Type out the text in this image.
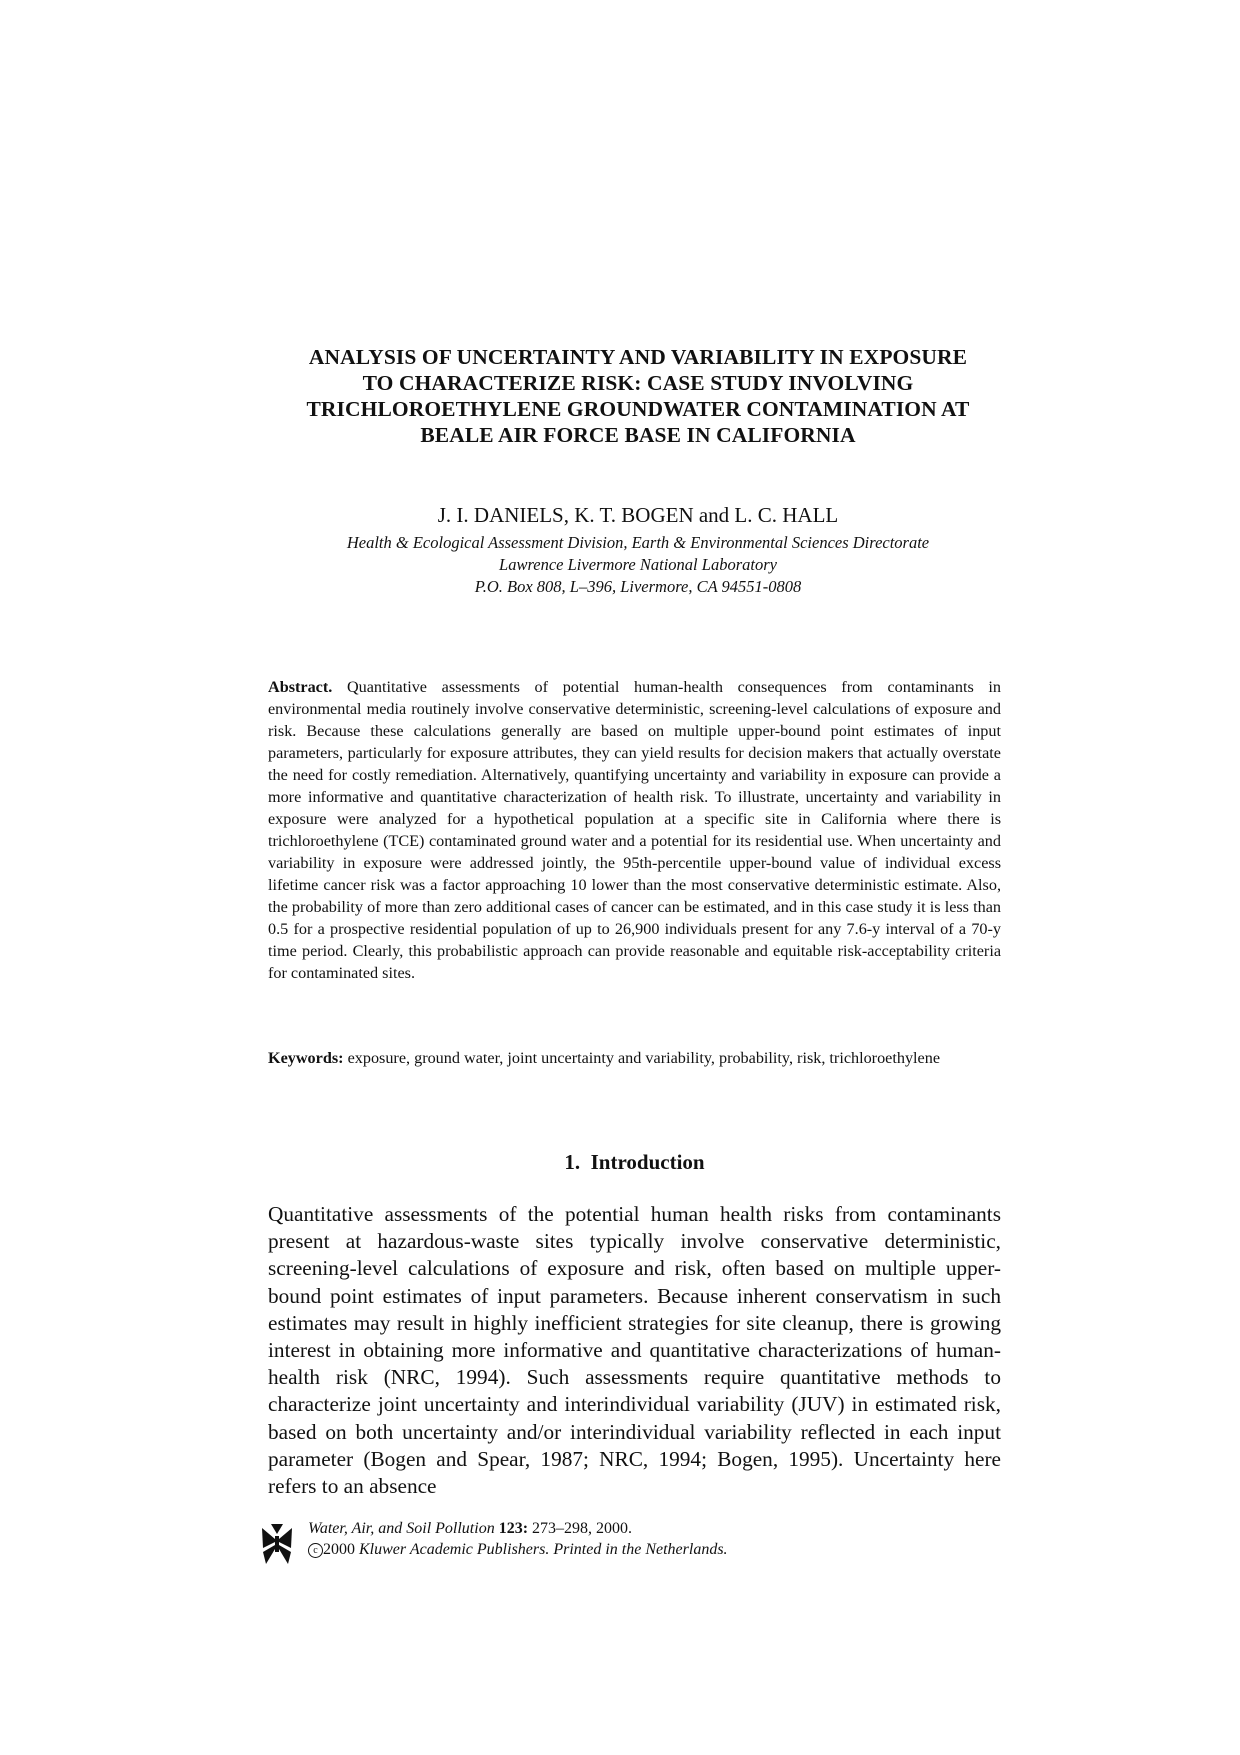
ANALYSIS OF UNCERTAINTY AND VARIABILITY IN EXPOSURE
TO CHARACTERIZE RISK: CASE STUDY INVOLVING
TRICHLOROETHYLENE GROUNDWATER CONTAMINATION AT
BEALE AIR FORCE BASE IN CALIFORNIA
J. I. DANIELS, K. T. BOGEN and L. C. HALL
Health & Ecological Assessment Division, Earth & Environmental Sciences Directorate
Lawrence Livermore National Laboratory
P.O. Box 808, L–396, Livermore, CA 94551-0808
Abstract. Quantitative assessments of potential human-health consequences from contaminants in environmental media routinely involve conservative deterministic, screening-level calculations of exposure and risk. Because these calculations generally are based on multiple upper-bound point estimates of input parameters, particularly for exposure attributes, they can yield results for decision makers that actually overstate the need for costly remediation. Alternatively, quantifying uncertainty and variability in exposure can provide a more informative and quantitative characterization of health risk. To illustrate, uncertainty and variability in exposure were analyzed for a hypothetical population at a specific site in California where there is trichloroethylene (TCE) contaminated ground water and a potential for its residential use. When uncertainty and variability in exposure were addressed jointly, the 95th-percentile upper-bound value of individual excess lifetime cancer risk was a factor approaching 10 lower than the most conservative deterministic estimate. Also, the probability of more than zero additional cases of cancer can be estimated, and in this case study it is less than 0.5 for a prospective residential population of up to 26,900 individuals present for any 7.6-y interval of a 70-y time period. Clearly, this probabilistic approach can provide reasonable and equitable risk-acceptability criteria for contaminated sites.
Keywords: exposure, ground water, joint uncertainty and variability, probability, risk, trichloroethylene
1. Introduction
Quantitative assessments of the potential human health risks from contaminants present at hazardous-waste sites typically involve conservative deterministic, screening-level calculations of exposure and risk, often based on multiple upper-bound point estimates of input parameters. Because inherent conservatism in such estimates may result in highly inefficient strategies for site cleanup, there is growing interest in obtaining more informative and quantitative characterizations of human-health risk (NRC, 1994). Such assessments require quantitative methods to characterize joint uncertainty and interindividual variability (JUV) in estimated risk, based on both uncertainty and/or interindividual variability reflected in each input parameter (Bogen and Spear, 1987; NRC, 1994; Bogen, 1995). Uncertainty here refers to an absence
Water, Air, and Soil Pollution 123: 273–298, 2000.
c 2000 Kluwer Academic Publishers. Printed in the Netherlands.
